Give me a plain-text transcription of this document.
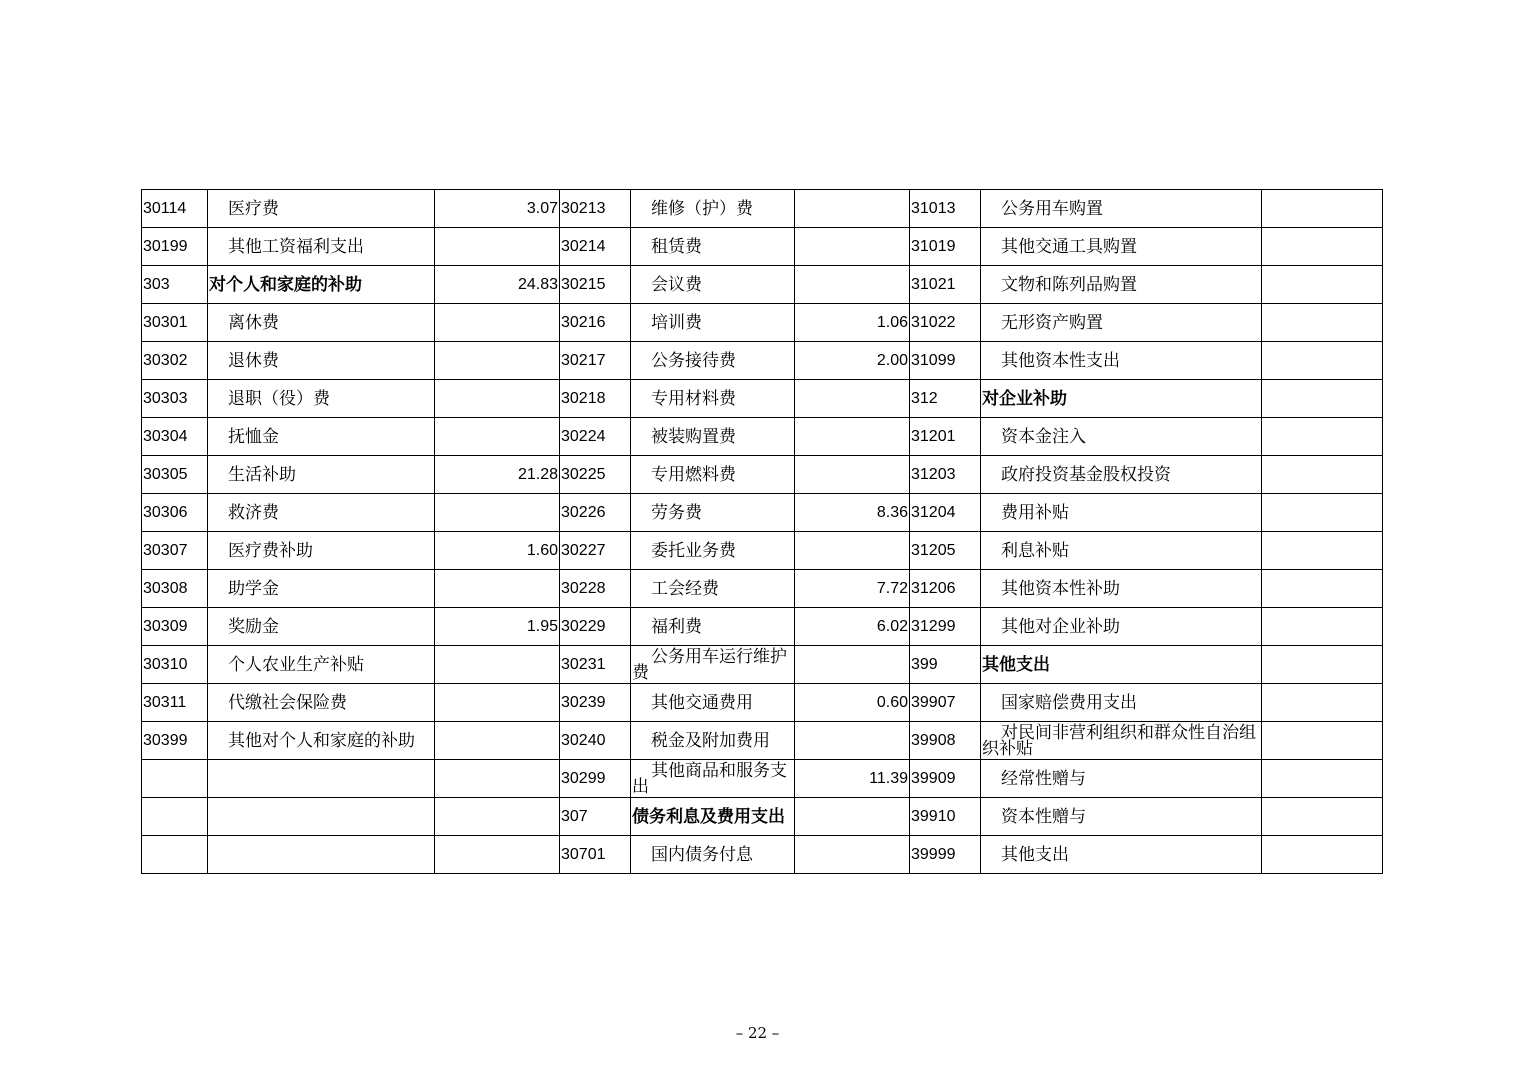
30114	医疗费	3.07	30213	维修（护）费		31013	公务用车购置	
30199	其他工资福利支出		30214	租赁费		31019	其他交通工具购置	
303	对个人和家庭的补助	24.83	30215	会议费		31021	文物和陈列品购置	
30301	离休费		30216	培训费	1.06	31022	无形资产购置	
30302	退休费		30217	公务接待费	2.00	31099	其他资本性支出	
30303	退职（役）费		30218	专用材料费		312	对企业补助	
30304	抚恤金		30224	被装购置费		31201	资本金注入	
30305	生活补助	21.28	30225	专用燃料费		31203	政府投资基金股权投资	
30306	救济费		30226	劳务费	8.36	31204	费用补贴	
30307	医疗费补助	1.60	30227	委托业务费		31205	利息补贴	
30308	助学金		30228	工会经费	7.72	31206	其他资本性补助	
30309	奖励金	1.95	30229	福利费	6.02	31299	其他对企业补助	
30310	个人农业生产补贴		30231	公务用车运行维护费		399	其他支出	
30311	代缴社会保险费		30239	其他交通费用	0.60	39907	国家赔偿费用支出	
30399	其他对个人和家庭的补助		30240	税金及附加费用		39908	对民间非营利组织和群众性自治组织补贴	
			30299	其他商品和服务支出	11.39	39909	经常性赠与	
			307	债务利息及费用支出		39910	资本性赠与	
			30701	国内债务付息		39999	其他支出	
– 22 –
